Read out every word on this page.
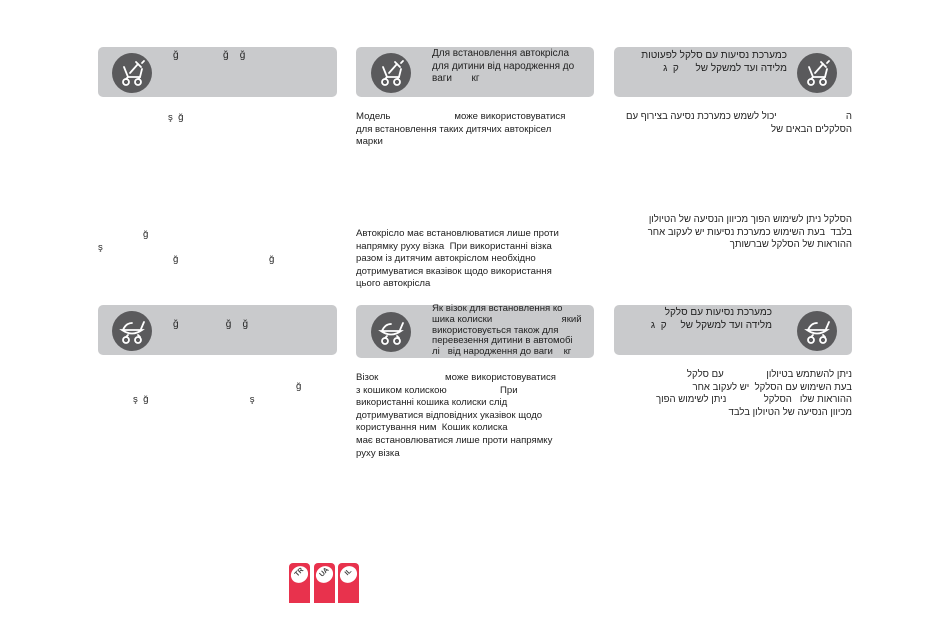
ğ                ğ    ğ
ş  ğ
ğ
ş
ğ                                  ğ
ğ                 ğ    ğ
ğ
ş  ğ                                      ş
Для встановлення автокрісла
для дитини від народження до
ваги       кг
Модель                        може використовуватися
для встановлення таких дитячих автокрісел
марки
Автокрісло має встановлюватися лише проти
напрямку руху візка  При використанні візка
разом із дитячим автокріслом необхідно
дотримуватися вказівок щодо використання
цього автокрісла
Як візок для встановлення ко
шика колиски                          який
використовується також для
перевезення дитини в автомобі
лі   від народження до ваги    кг
Візок                         може використовуватися
з кошиком колискою                    При
використанні кошика колиски слід
дотримуватися відповідних указівок щодо
користування ним  Кошик колиска
має встановлюватися лише проти напрямку
руху візка
כמערכת נסיעות עם סלקל לפעוטות
מלידה ועד למשקל של      ק  ג
ה                          יכול לשמש כמערכת נסיעה בצירוף עם
הסלקלים הבאים של
הסלקל ניתן לשימוש הפוך מכיוון הנסיעה של הטיולון
בלבד  בעת השימוש כמערכת נסיעות יש לעקוב אחר
ההוראות של הסלקל שברשותך
כמערכת נסיעות עם סלקל
מלידה ועד למשקל של     ק  ג
ניתן להשתמש בטיולון                עם סלקל
בעת השימוש עם הסלקל  יש לעקוב אחר
ההוראות שלו   הסלקל              ניתן לשימוש הפוך
מכיוון הנסיעה של הטיולון בלבד
TR	UA	IL
